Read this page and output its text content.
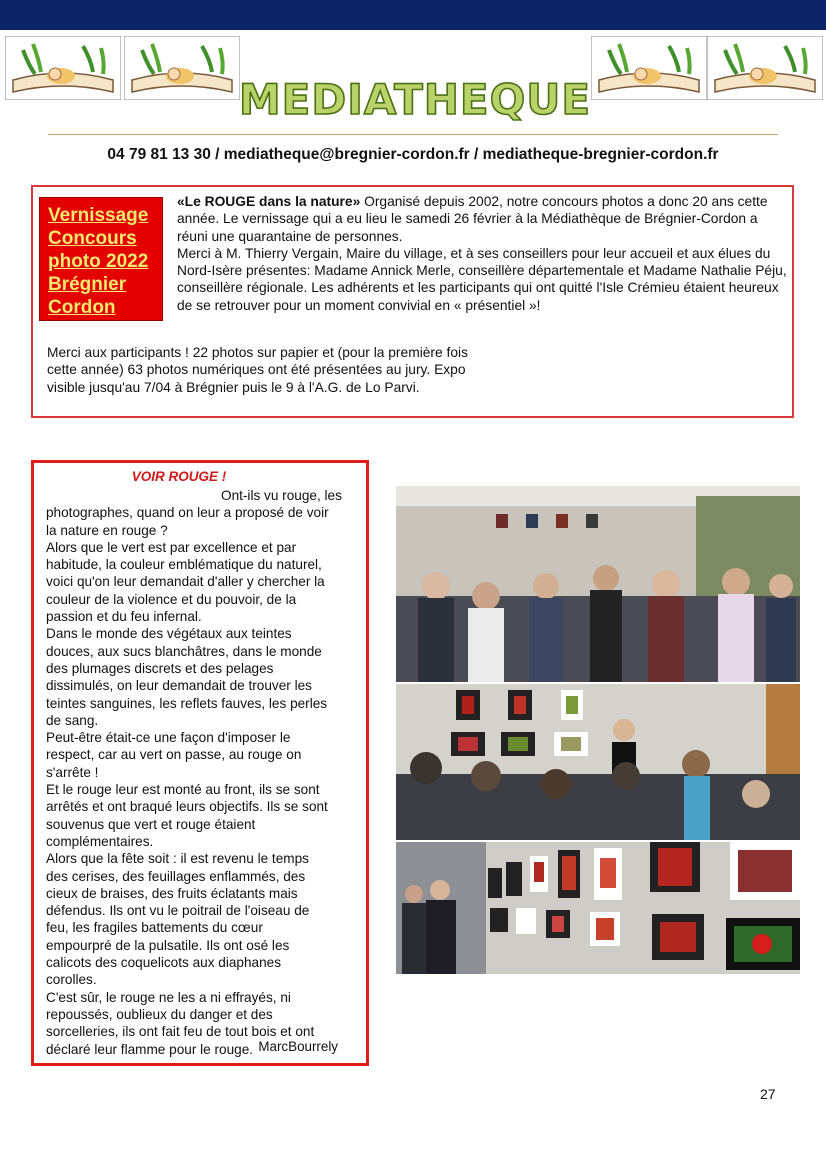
MEDIATHEQUE
04 79 81 13 30 / mediatheque@bregnier-cordon.fr / mediatheque-bregnier-cordon.fr
Vernissage
Concours
photo 2022
Brégnier
Cordon
«Le ROUGE dans la nature» Organisé depuis 2002, notre concours photos a donc 20 ans cette année. Le vernissage qui a eu lieu le samedi 26 février à la Médiathèque de Brégnier-Cordon a réuni une quarantaine de personnes.
Merci à M. Thierry Vergain, Maire du village, et à ses conseillers pour leur accueil et aux élues du Nord-Isère présentes: Madame Annick Merle, conseillère départementale et Madame Nathalie Péju, conseillère régionale. Les adhérents et les participants qui ont quitté l'Isle Crémieu étaient heureux de se retrouver pour un moment convivial en « présentiel »!
Merci aux participants ! 22 photos sur papier et (pour la première fois cette année) 63 photos numériques ont été présentées au jury. Expo visible jusqu'au 7/04 à Brégnier puis le 9 à l'A.G. de Lo Parvi.
VOIR ROUGE !
Ont-ils vu rouge, les
photographes, quand on leur a proposé de voir
la nature en rouge ?
Alors que le vert est par excellence et par
habitude, la couleur emblématique du naturel,
voici qu'on leur demandait d'aller y chercher la
couleur de la violence et du pouvoir, de la
passion et du feu infernal.
Dans le monde des végétaux aux teintes
douces, aux sucs blanchâtres, dans le monde
des plumages discrets et des pelages
dissimulés, on leur demandait de trouver les
teintes sanguines, les reflets fauves, les perles
de sang.
Peut-être était-ce une façon d'imposer le
respect, car au vert on passe, au rouge on
s'arrête !
Et le rouge leur est monté au front, ils se sont
arrêtés et ont braqué leurs objectifs. Ils se sont
souvenus que vert et rouge étaient
complémentaires.
Alors que la fête soit : il est revenu le temps
des cerises, des feuillages enflammés, des
cieux de braises, des fruits éclatants mais
défendus. Ils ont vu le poitrail de l'oiseau de
feu, les fragiles battements du cœur
empourpré de la pulsatile. Ils ont osé les
calicots des coquelicots aux diaphanes
corolles.
C'est sûr, le rouge ne les a ni effrayés, ni
repoussés, oublieux du danger et des
sorcelleries, ils ont fait feu de tout bois et ont
déclaré leur flamme pour le rouge. MarcBourrely
27
